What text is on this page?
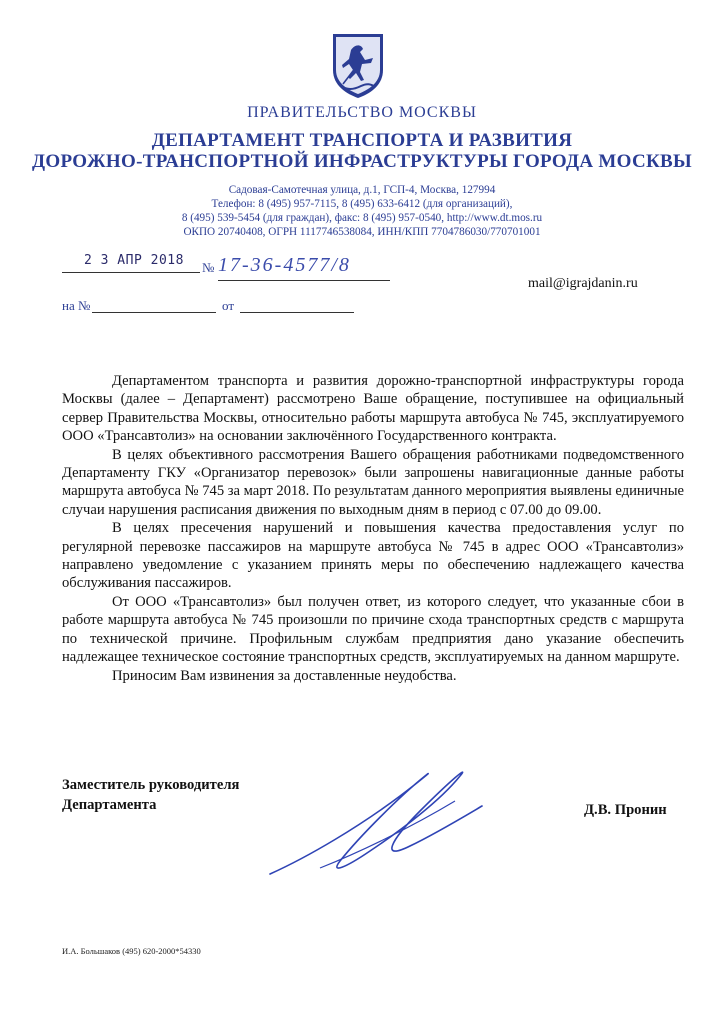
ПРАВИТЕЛЬСТВО МОСКВЫ
ДЕПАРТАМЕНТ ТРАНСПОРТА И РАЗВИТИЯ
ДОРОЖНО-ТРАНСПОРТНОЙ ИНФРАСТРУКТУРЫ ГОРОДА МОСКВЫ
Садовая-Самотечная улица, д.1, ГСП-4, Москва, 127994
Телефон: 8 (495) 957-7115, 8 (495) 633-6412 (для организаций),
8 (495) 539-5454 (для граждан), факс: 8 (495) 957-0540, http://www.dt.mos.ru
ОКПО 20740408, ОГРН 1117746538084, ИНН/КПП 7704786030/770701001
2 3 АПР 2018 № 17-36-4577/8
mail@igrajdanin.ru
на №	от

Департаментом транспорта и развития дорожно-транспортной инфраструктуры города Москвы (далее – Департамент) рассмотрено Ваше обращение, поступившее на официальный сервер Правительства Москвы, относительно работы маршрута автобуса № 745, эксплуатируемого ООО «Трансавтолиз» на основании заключённого Государственного контракта.

В целях объективного рассмотрения Вашего обращения работниками подведомственного Департаменту ГКУ «Организатор перевозок» были запрошены навигационные данные работы маршрута автобуса № 745 за март 2018. По результатам данного мероприятия выявлены единичные случаи нарушения расписания движения по выходным дням в период с 07.00 до 09.00.

В целях пресечения нарушений и повышения качества предоставления услуг по регулярной перевозке пассажиров на маршруте автобуса № 745 в адрес ООО «Трансавтолиз» направлено уведомление с указанием принять меры по обеспечению надлежащего качества обслуживания пассажиров.

От ООО «Трансавтолиз» был получен ответ, из которого следует, что указанные сбои в работе маршрута автобуса № 745 произошли по причине схода транспортных средств с маршрута по технической причине. Профильным службам предприятия дано указание обеспечить надлежащее техническое состояние транспортных средств, эксплуатируемых на данном маршруте.

Приносим Вам извинения за доставленные неудобства.

Заместитель руководителя
Департамента	Д.В. Пронин
И.А. Большаков (495) 620-2000*54330
